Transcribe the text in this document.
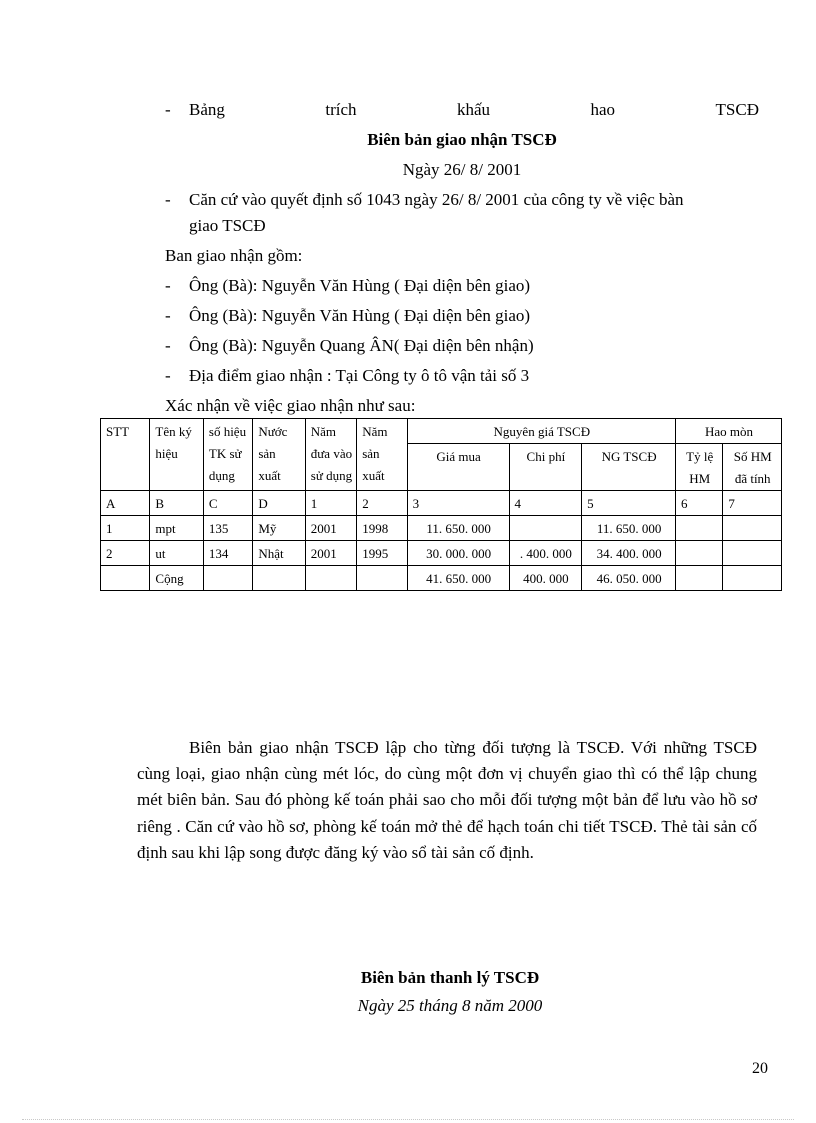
- Bảng	trích	khấu	hao	TSCĐ
Biên bản giao nhận TSCĐ
Ngày 26/ 8/ 2001
- Căn cứ vào quyết định số 1043 ngày 26/ 8/ 2001 của công ty về việc bàn
giao TSCĐ
Ban giao nhận gồm:
- Ông (Bà): Nguyễn Văn Hùng ( Đại diện bên giao)
- Ông (Bà): Nguyễn Văn Hùng ( Đại diện bên giao)
- Ông (Bà): Nguyễn Quang ÂN( Đại diện bên nhận)
- Địa điểm giao nhận : Tại Công ty ô tô vận tải số 3
Xác nhận về việc giao nhận như sau:
STT	Tên ký hiệu	số hiệu TK sử dụng	Nước sản xuất	Năm đưa vào sử dụng	Năm sản xuất	Nguyên giá TSCĐ			Hao mòn	
						Giá mua	Chi phí	NG TSCĐ	Tỷ lệ HM	Số HM đã tính
A	B	C	D	1	2	3	4	5	6	7
1	mpt	135	Mỹ	2001	1998	11. 650. 000		11. 650. 000		
2	ut	134	Nhật	2001	1995	30. 000. 000	. 400. 000	34. 400. 000		
	Cộng					41. 650. 000	400. 000	46. 050. 000		
Biên bản giao nhận TSCĐ lập cho từng đối tượng là TSCĐ. Với những TSCĐ cùng loại, giao nhận cùng mét lóc, do cùng một đơn vị chuyển giao thì có thể lập chung mét biên bản. Sau đó phòng kế toán phải sao cho mỗi đối tượng một bản để lưu vào hồ sơ riêng . Căn cứ vào hồ sơ, phòng kế toán mở thẻ để hạch toán chi tiết TSCĐ. Thẻ tài sản cố định sau khi lập song được đăng ký vào sổ tài sản cố định.
Biên bản thanh lý TSCĐ
Ngày 25 tháng 8 năm 2000
20
